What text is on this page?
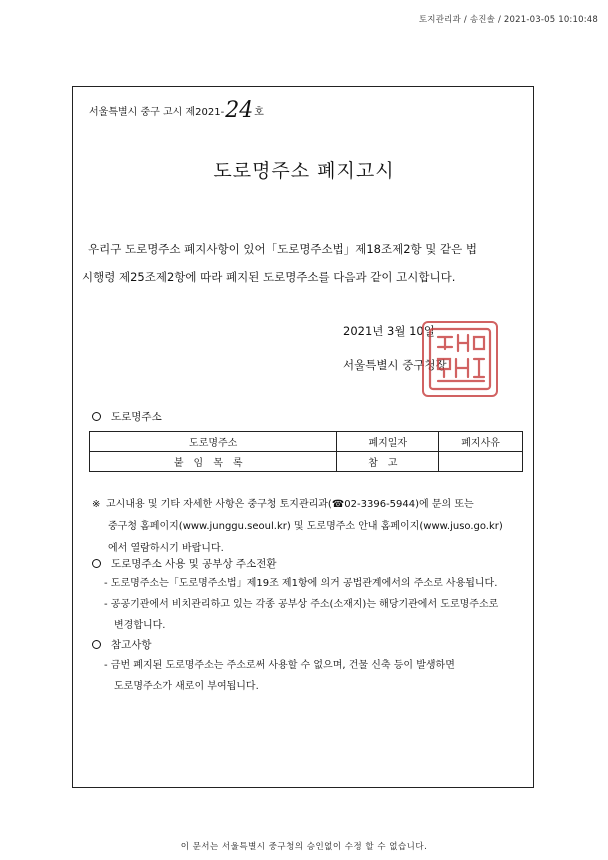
토지관리과 / 송진솔 / 2021-03-05 10:10:48
서울특별시 중구 고시 제2021- 24 호
도로명주소 폐지고시

우리구 도로명주소 폐지사항이 있어「도로명주소법」제18조제2항 및 같은 법

시행령 제25조제2항에 따라 폐지된 도로명주소를 다음과 같이 고시합니다.
2021년 3월 10일
서울특별시 중구청장
도로명주소
도로명주소	폐지일자	폐지사유
붙임목록	참고	
※ 고시내용 및 기타 자세한 사항은 중구청 토지관리과(☎02-3396-5944)에 문의 또는
중구청 홈페이지(www.junggu.seoul.kr) 및 도로명주소 안내 홈페이지(www.juso.go.kr)
에서 열람하시기 바랍니다.
도로명주소 사용 및 공부상 주소전환
- 도로명주소는「도로명주소법」제19조 제1항에 의거 공법관계에서의 주소로 사용됩니다.
- 공공기관에서 비치관리하고 있는 각종 공부상 주소(소재지)는 해당기관에서 도로명주소로
변경합니다.
참고사항
- 금번 폐지된 도로명주소는 주소로써 사용할 수 없으며, 건물 신축 등이 발생하면
도로명주소가 새로이 부여됩니다.
이 문서는 서울특별시 중구청의 승인없이 수정 할 수 없습니다.
